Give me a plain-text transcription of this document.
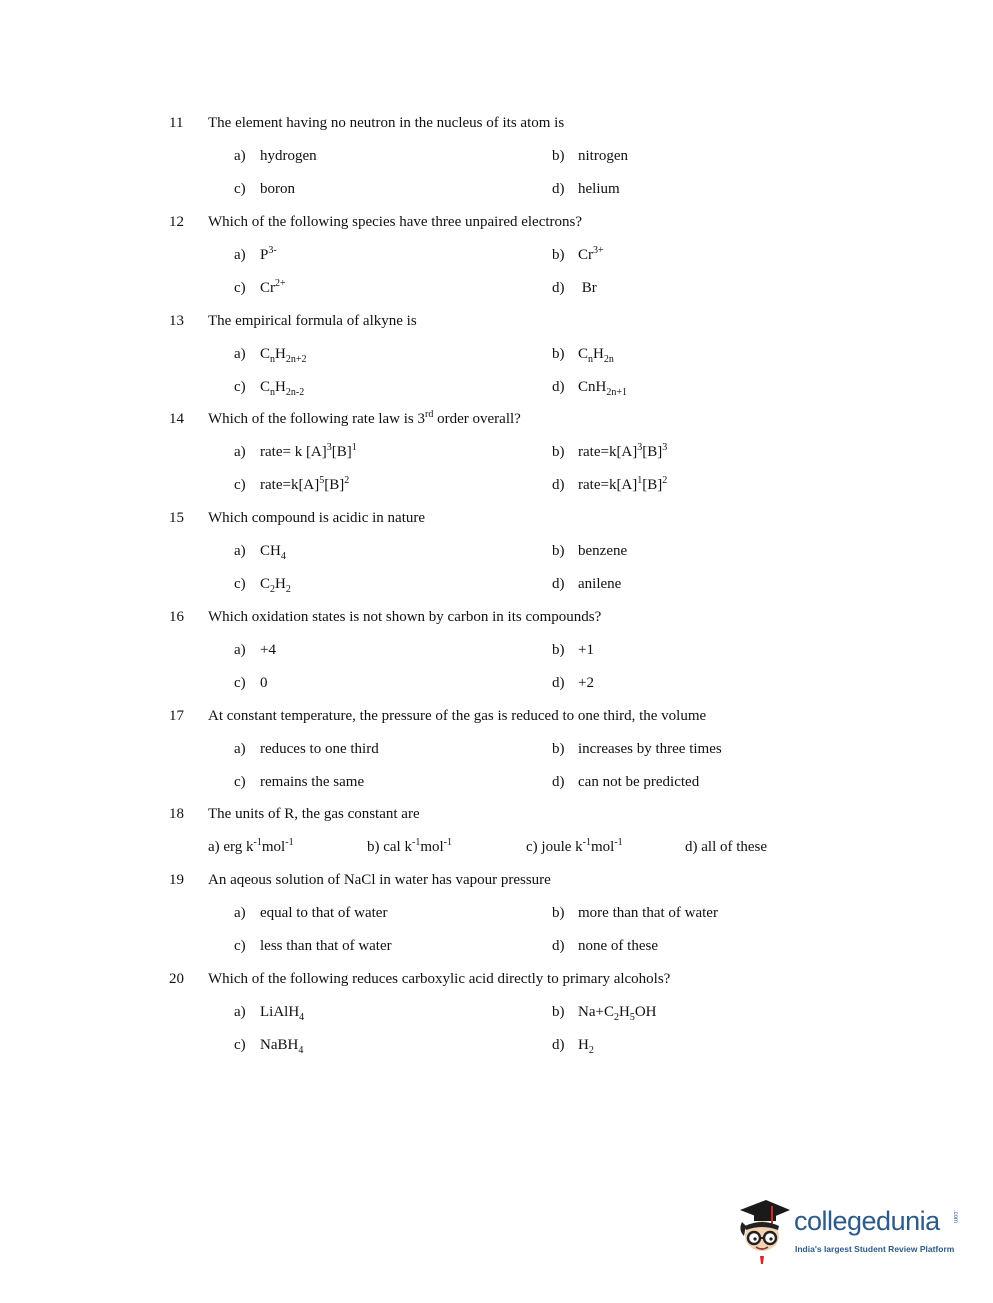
11 The element having no neutron in the nucleus of its atom is
a) hydrogen	b) nitrogen
c) boron	d) helium
12 Which of the following species have three unpaired electrons?
a) $P^{3-}$	b) $Cr^{3+}$
c) $Cr^{2+}$	d) Br
13 The empirical formula of alkyne is
a) $C_nH_{2n+2}$	b) $C_nH_{2n}$
c) $C_nH_{2n-2}$	d) CnH$_{2n+1}$
14 Which of the following rate law is 3rd order overall?
a) rate= k $[A]^3[B]^1$	b) $rate=k[A]^3[B]^3$
c) $rate=k[A]^5[B]^2$	d) $rate=k[A]^1[B]^2$
15 Which compound is acidic in nature
a) $CH_4$	b) benzene
c) $C_2H_2$	d) anilene
16 Which oxidation states is not shown by carbon in its compounds?
a) +4	b) +1
c) 0	d) +2
17 At constant temperature, the pressure of the gas is reduced to one third, the volume
a) reduces to one third	b) increases by three times
c) remains the same	d) can not be predicted
18 The units of R, the gas constant are
a) erg $k^{-1}mol^{-1}$	b) cal $k^{-1}mol^{-1}$	c) joule $k^{-1}mol^{-1}$	d) all of these
19 An aqeous solution of NaCl in water has vapour pressure
a) equal to that of water	b) more than that of water
c) less than that of water	d) none of these
20 Which of the following reduces carboxylic acid directly to primary alcohols?
a) LiAlH$_4$	b) $Na+C_2H_5OH$
c) NaBH$_4$	d) $H_2$
collegedunia .com
India's largest Student Review Platform
